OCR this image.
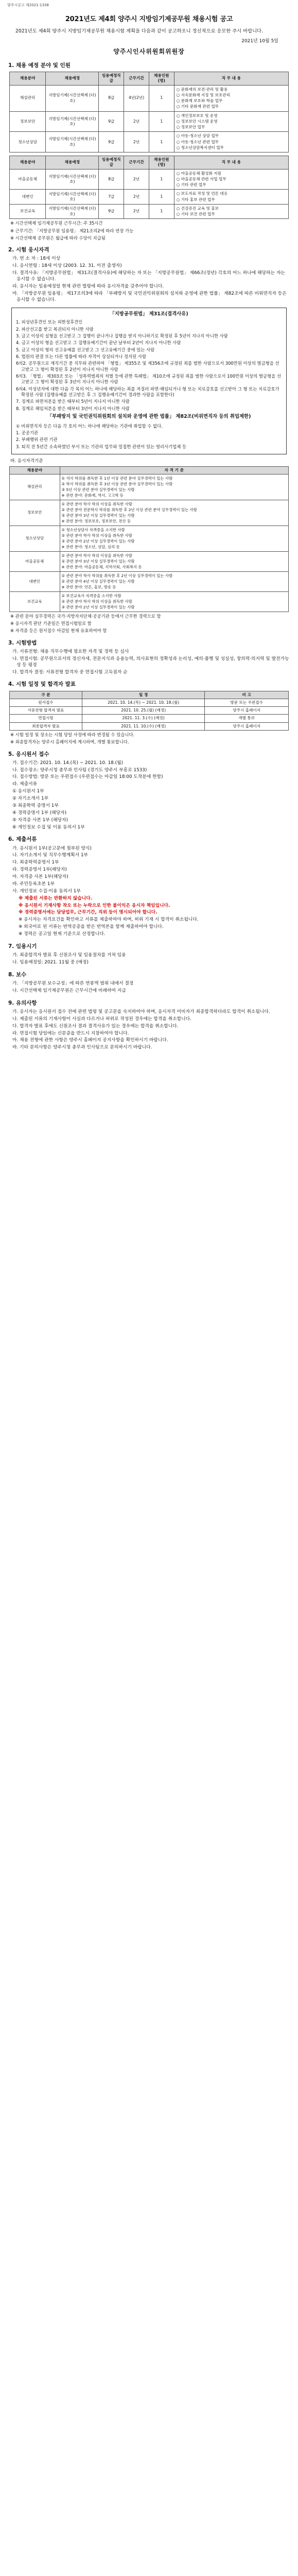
양주시공고 제2021-1338
2021년도 제4회 양주시 지방임기제공무원 채용시험 공고

2021년도 제4회 양주시 지방임기제공무원 채용시험 계획을 다음과 같이 공고하오니 정신적으로 응모한 주시 바랍니다.

2021년 10월 5일
양주시인사위원회위원장
1. 채용 예정 분야 및 인원
채용분야	채용예정	임용예정직급	근무기간	채용인원(명)	직 무 내 용
해설관리	지방임기제(시간선택제 (다)호)	8급	4년(2년)	1	○ 문화재의 보전·관리 및 활용
○ 지속문화재 지정 및 보호관리
○ 문화재 보호와 학술 업무
○ 기타 문화재 관련 업무

정보보안	지방임기제(시간선택제 (다)호)	9급	2년	1	○ 개인정보보호 및 운영
○ 정보보안 시스템 운영
○ 정보보안 업무

청소년상담	지방임기제(시간선택제 (다)호)	9급	2년	1	○ 아동·청소년 상담 업무
○ 아동·청소년 관련 업무
○ 청소년상담복지센터 업무
채용분야	채용예정	임용예정직급	근무기간	채용인원(명)	직 무 내 용
마을공동체	지방임기제(시간선택제 (다)호)	8급	2년	1	○ 마을공동체 활성화 지원
○ 마을공동체 관련 사업 업무
○ 기타 관련 업무

대변인	지방임기제(시간선택제 (다)호)	7급	2년	1	○ 보도자료 작성 및 언론 대응
○ 기타 홍보 관련 업무

보건교육	지방임기제(시간선택제 (다)호)	9급	2년	1	○ 건강증진 교육 및 홍보
○ 기타 보건 관련 업무
※ 시간선택제 임기제공무원 근무시간: 주 35시간
※ 근무기간: 「지방공무원 임용령」 제21조의2에 따라 연장 가능
※ 시간선택제 공무원은 월급에 따라 수당이 지급됨
2. 시험 응시자격
가. 연 소 자 : 18세 이상
나. 응시연령 : 18세 이상 (2003. 12. 31. 이전 출생자)
다. 결격사유: 「지방공무원법」 제31조(결격사유)에 해당하는 자 또는 「지방공무원법」 제66조(정년) 각호의 어느 하나에 해당하는 자는 응시할 수 없습니다.
라. 응시자는 임용예정일 현재 관련 법령에 따라 응시자격을 갖추어야 합니다.
마. 「지방공무원 임용령」 제17조의3에 따라 「부패방지 및 국민권익위원회의 설치와 운영에 관한 법률」 제82조에 따른 비위면직자 등은 응시할 수 없습니다.
「지방공무원법」 제31조(결격사유)

1. 피성년후견인 또는 피한정후견인

2. 파산선고를 받고 복권되지 아니한 사람

3. 금고 이상의 실형을 선고받고 그 집행이 끝나거나 집행을 받지 아니하기로 확정된 후 5년이 지나지 아니한 사람

4. 금고 이상의 형을 선고받고 그 집행유예기간이 끝난 날부터 2년이 지나지 아니한 사람

5. 금고 이상의 형의 선고유예를 선고받고 그 선고유예기간 중에 있는 사람

6. 법원의 판결 또는 다른 법률에 따라 자격이 상실되거나 정지된 사람

6의2. 공무원으로 재직기간 중 직무와 관련하여 「형법」 제355조 및 제356조에 규정된 죄를 범한 사람으로서 300만원 이상의 벌금형을 선고받고 그 형이 확정된 후 2년이 지나지 아니한 사람

6의3. 「형법」 제303조 또는 「성폭력범죄의 처벌 등에 관한 특례법」 제10조에 규정된 죄를 범한 사람으로서 100만원 이상의 벌금형을 선고받고 그 형이 확정된 후 3년이 지나지 아니한 사람

6의4. 미성년자에 대한 다음 각 목의 어느 하나에 해당하는 죄를 저질러 파면·해임되거나 형 또는 치료감호를 선고받아 그 형 또는 치료감호가 확정된 사람 (집행유예를 선고받은 후 그 집행유예기간이 경과한 사람을 포함한다)

7. 징계로 파면처분을 받은 때부터 5년이 지나지 아니한 사람

8. 징계로 해임처분을 받은 때부터 3년이 지나지 아니한 사람

「부패방지 및 국민권익위원회의 설치와 운영에 관한 법률」 제82조(비위면직자 등의 취업제한)

① 비위면직자 등은 다음 각 호의 어느 하나에 해당하는 기관에 취업할 수 없다.

1. 공공기관

2. 부패행위 관련 기관

3. 퇴직 전 5년간 소속하였던 부서 또는 기관의 업무와 밀접한 관련이 있는 영리사기업체 등

바. 응시자격기준
채용분야	자 격 기 준
해설관리	① 석사 학위를 취득한 후 1년 이상 관련 분야 실무경력이 있는 사람
② 학사 학위를 취득한 후 3년 이상 관련 분야 실무경력이 있는 사람
③ 5년 이상 관련 분야 실무경력이 있는 사람
※ 관련 분야: 문화재, 역사, 고고학 등

정보보안	① 관련 분야 학사 학위 이상을 취득한 사람
② 관련 분야 전문학사 학위를 취득한 후 2년 이상 관련 분야 실무경력이 있는 사람
③ 관련 분야 3년 이상 실무경력이 있는 사람
※ 관련 분야: 정보보호, 정보보안, 전산 등

청소년상담	① 청소년상담사 자격증을 소지한 사람
② 관련 분야 학사 학위 이상을 취득한 사람
③ 관련 분야 2년 이상 실무경력이 있는 사람
※ 관련 분야: 청소년, 상담, 심리 등

마을공동체	① 관련 분야 학사 학위 이상을 취득한 사람
② 관련 분야 3년 이상 실무경력이 있는 사람
※ 관련 분야: 마을공동체, 지역사회, 사회복지 등

대변인	① 관련 분야 학사 학위를 취득한 후 2년 이상 실무경력이 있는 사람
② 관련 분야 4년 이상 실무경력이 있는 사람
※ 관련 분야: 언론, 홍보, 방송 등

보건교육	① 보건교육사 자격증을 소지한 사람
② 관련 분야 학사 학위 이상을 취득한 사람
③ 관련 분야 2년 이상 실무경력이 있는 사람
※ 관련 분야 실무경력은 국가·지방자치단체·공공기관 등에서 근무한 경력으로 함
※ 응시자격 판단 기준일은 면접시험일로 함
※ 자격증 등은 원서접수 마감일 현재 유효하여야 함
3. 시험방법
가. 서류전형: 채용 직무수행에 필요한 자격 및 경력 등 심사
나. 면접시험: 공무원으로서의 정신자세, 전문지식과 응용능력, 의사표현의 정확성과 논리성, 예의·품행 및 성실성, 창의력·의지력 및 발전가능성 등 평정
다. 합격자 결정: 서류전형 합격자 중 면접시험 고득점자 순
4. 시험 일정 및 합격자 발표
구 분	일 정	비 고
원서접수	2021. 10. 14.(목) ~ 2021. 10. 18.(월)	방문 또는 우편접수
서류전형 합격자 발표	2021. 10. 25.(월) (예정)	양주시 홈페이지
면접시험	2021. 11. 3.(수) (예정)	개별 통보
최종합격자 발표	2021. 11. 10.(수) (예정)	양주시 홈페이지
※ 시험 일정 및 장소는 시험 당일 사정에 따라 변경될 수 있습니다.
※ 최종합격자는 양주시 홈페이지에 게시하며, 개별 통보합니다.
5. 응시원서 접수
가. 접수기간: 2021. 10. 14.(목) ~ 2021. 10. 18.(월)
나. 접수장소: 양주시청 총무과 인사팀 (경기도 양주시 부흥로 1533)
다. 접수방법: 방문 또는 우편접수 (우편접수는 마감일 18:00 도착분에 한함)
라. 제출서류
① 응시원서 1부
② 자기소개서 1부
③ 최종학력 증명서 1부
④ 경력증명서 1부 (해당자)
⑤ 자격증 사본 1부 (해당자)
⑥ 개인정보 수집 및 이용 동의서 1부
6. 제출서류
가. 응시원서 1부(공고문에 첨부된 양식)
나. 자기소개서 및 직무수행계획서 1부
다. 최종학력증명서 1부
라. 경력증명서 1부(해당자)
마. 자격증 사본 1부(해당자)
바. 주민등록초본 1부
사. 개인정보 수집·이용 동의서 1부
※ 제출된 서류는 반환하지 않습니다.
※ 응시원서 기재사항 착오 또는 누락으로 인한 불이익은 응시자 책임입니다.
※ 경력증명서에는 담당업무, 근무기간, 직위 등이 명시되어야 합니다.
※ 응시자는 자격요건을 확인하고 서류를 제출하여야 하며, 허위 기재 시 합격이 취소됩니다.
※ 외국어로 된 서류는 번역공증을 받은 번역본을 함께 제출하여야 합니다.
※ 경력은 공고일 현재 기준으로 산정합니다.
7. 임용시기
가. 최종합격자 발표 후 신원조사 및 임용절차를 거쳐 임용
나. 임용예정일: 2021. 11월 중 (예정)
8. 보수
가. 「지방공무원 보수규정」에 따른 연봉액 범위 내에서 결정
나. 시간선택제 임기제공무원은 근무시간에 비례하여 지급
9. 유의사항
가. 응시자는 응시원서 접수 전에 관련 법령 및 공고문을 숙지하여야 하며, 응시자격 미비자가 최종합격하더라도 합격이 취소됩니다.
나. 제출된 서류의 기재사항이 사실과 다르거나 허위로 작성된 경우에는 합격을 취소합니다.
다. 합격자 발표 후에도 신원조사 결과 결격사유가 있는 경우에는 합격을 취소합니다.
라. 면접시험 당일에는 신분증을 반드시 지참하여야 합니다.
마. 채용 전형에 관한 사항은 양주시 홈페이지 공지사항을 확인하시기 바랍니다.
바. 기타 문의사항은 양주시청 총무과 인사팀으로 문의하시기 바랍니다.
